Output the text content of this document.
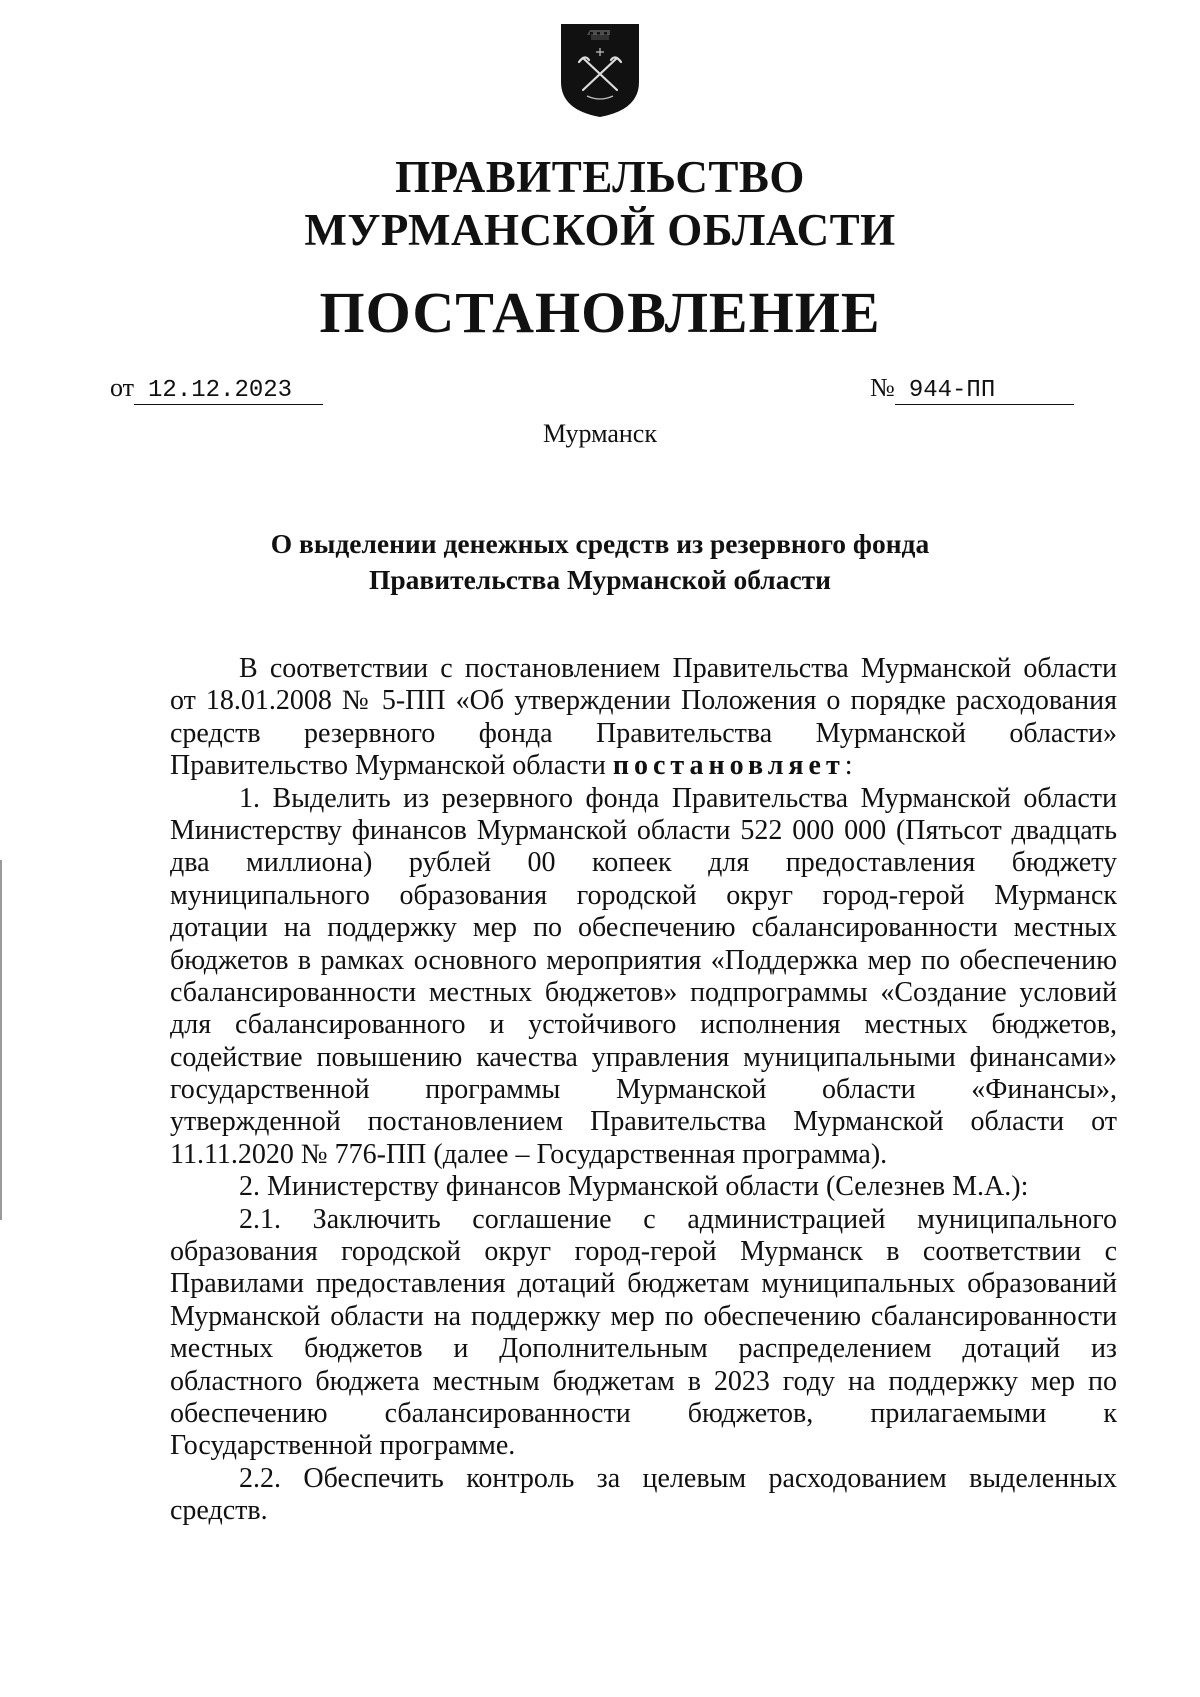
ПРАВИТЕЛЬСТВО
МУРМАНСКОЙ ОБЛАСТИ
ПОСТАНОВЛЕНИЕ
от 12.12.2023	№ 944-ПП
Мурманск
О выделении денежных средств из резервного фонда
Правительства Мурманской области
В соответствии с постановлением Правительства Мурманской области
от 18.01.2008 № 5-ПП «Об утверждении Положения о порядке расходования
средств резервного фонда Правительства Мурманской области»
Правительство Мурманской области постановляет:
1. Выделить из резервного фонда Правительства Мурманской области
Министерству финансов Мурманской области 522 000 000 (Пятьсот двадцать
два миллиона) рублей 00 копеек для предоставления бюджету
муниципального образования городской округ город-герой Мурманск
дотации на поддержку мер по обеспечению сбалансированности местных
бюджетов в рамках основного мероприятия «Поддержка мер по обеспечению
сбалансированности местных бюджетов» подпрограммы «Создание условий
для сбалансированного и устойчивого исполнения местных бюджетов,
содействие повышению качества управления муниципальными финансами»
государственной программы Мурманской области «Финансы»,
утвержденной постановлением Правительства Мурманской области от
11.11.2020 № 776-ПП (далее – Государственная программа).
2. Министерству финансов Мурманской области (Селезнев М.А.):
2.1. Заключить соглашение с администрацией муниципального
образования городской округ город-герой Мурманск в соответствии с
Правилами предоставления дотаций бюджетам муниципальных образований
Мурманской области на поддержку мер по обеспечению сбалансированности
местных бюджетов и Дополнительным распределением дотаций из
областного бюджета местным бюджетам в 2023 году на поддержку мер по
обеспечению сбалансированности бюджетов, прилагаемыми к
Государственной программе.
2.2. Обеспечить контроль за целевым расходованием выделенных
средств.
